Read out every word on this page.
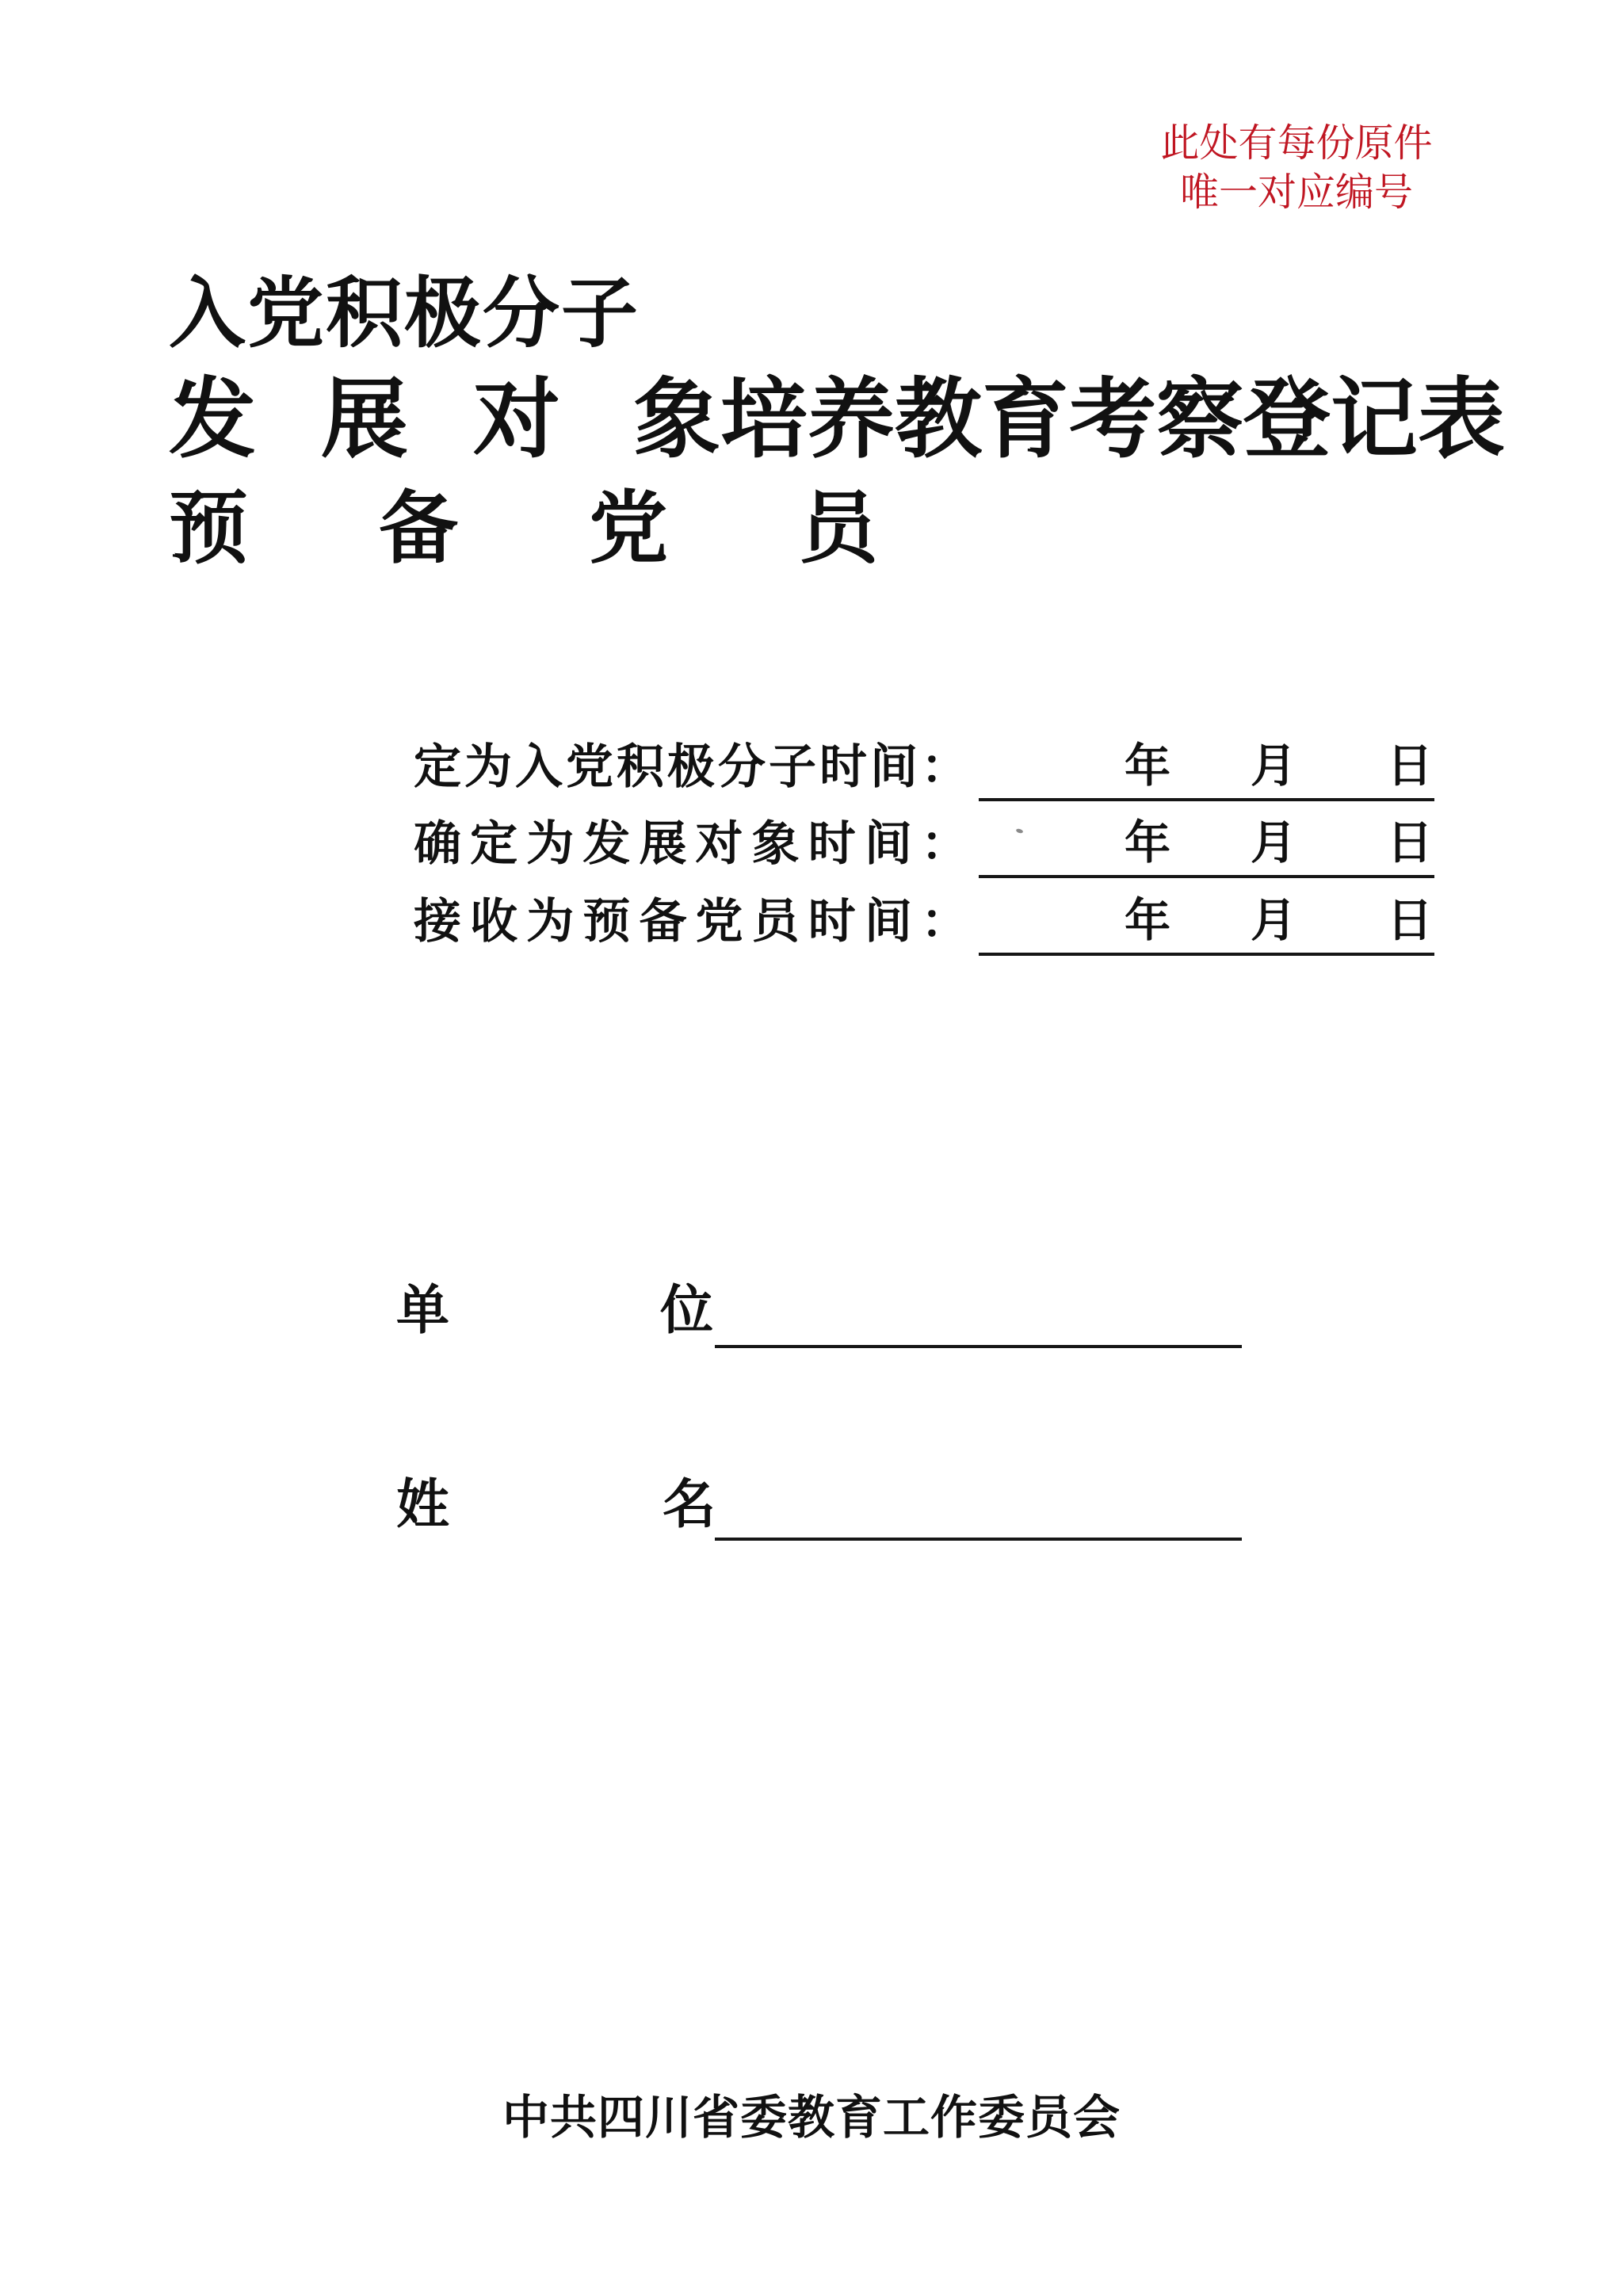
此处有每份原件
唯一对应编号
入党积极分子
发 展 对 象培养教育考察登记表
预 备 党 员
定为入党积极分子时间：	年 月 日
确定为发展对象时间：	年 月 日
接收为预备党员时间：	年 月 日
单	位
姓	名
中共四川省委教育工作委员会
